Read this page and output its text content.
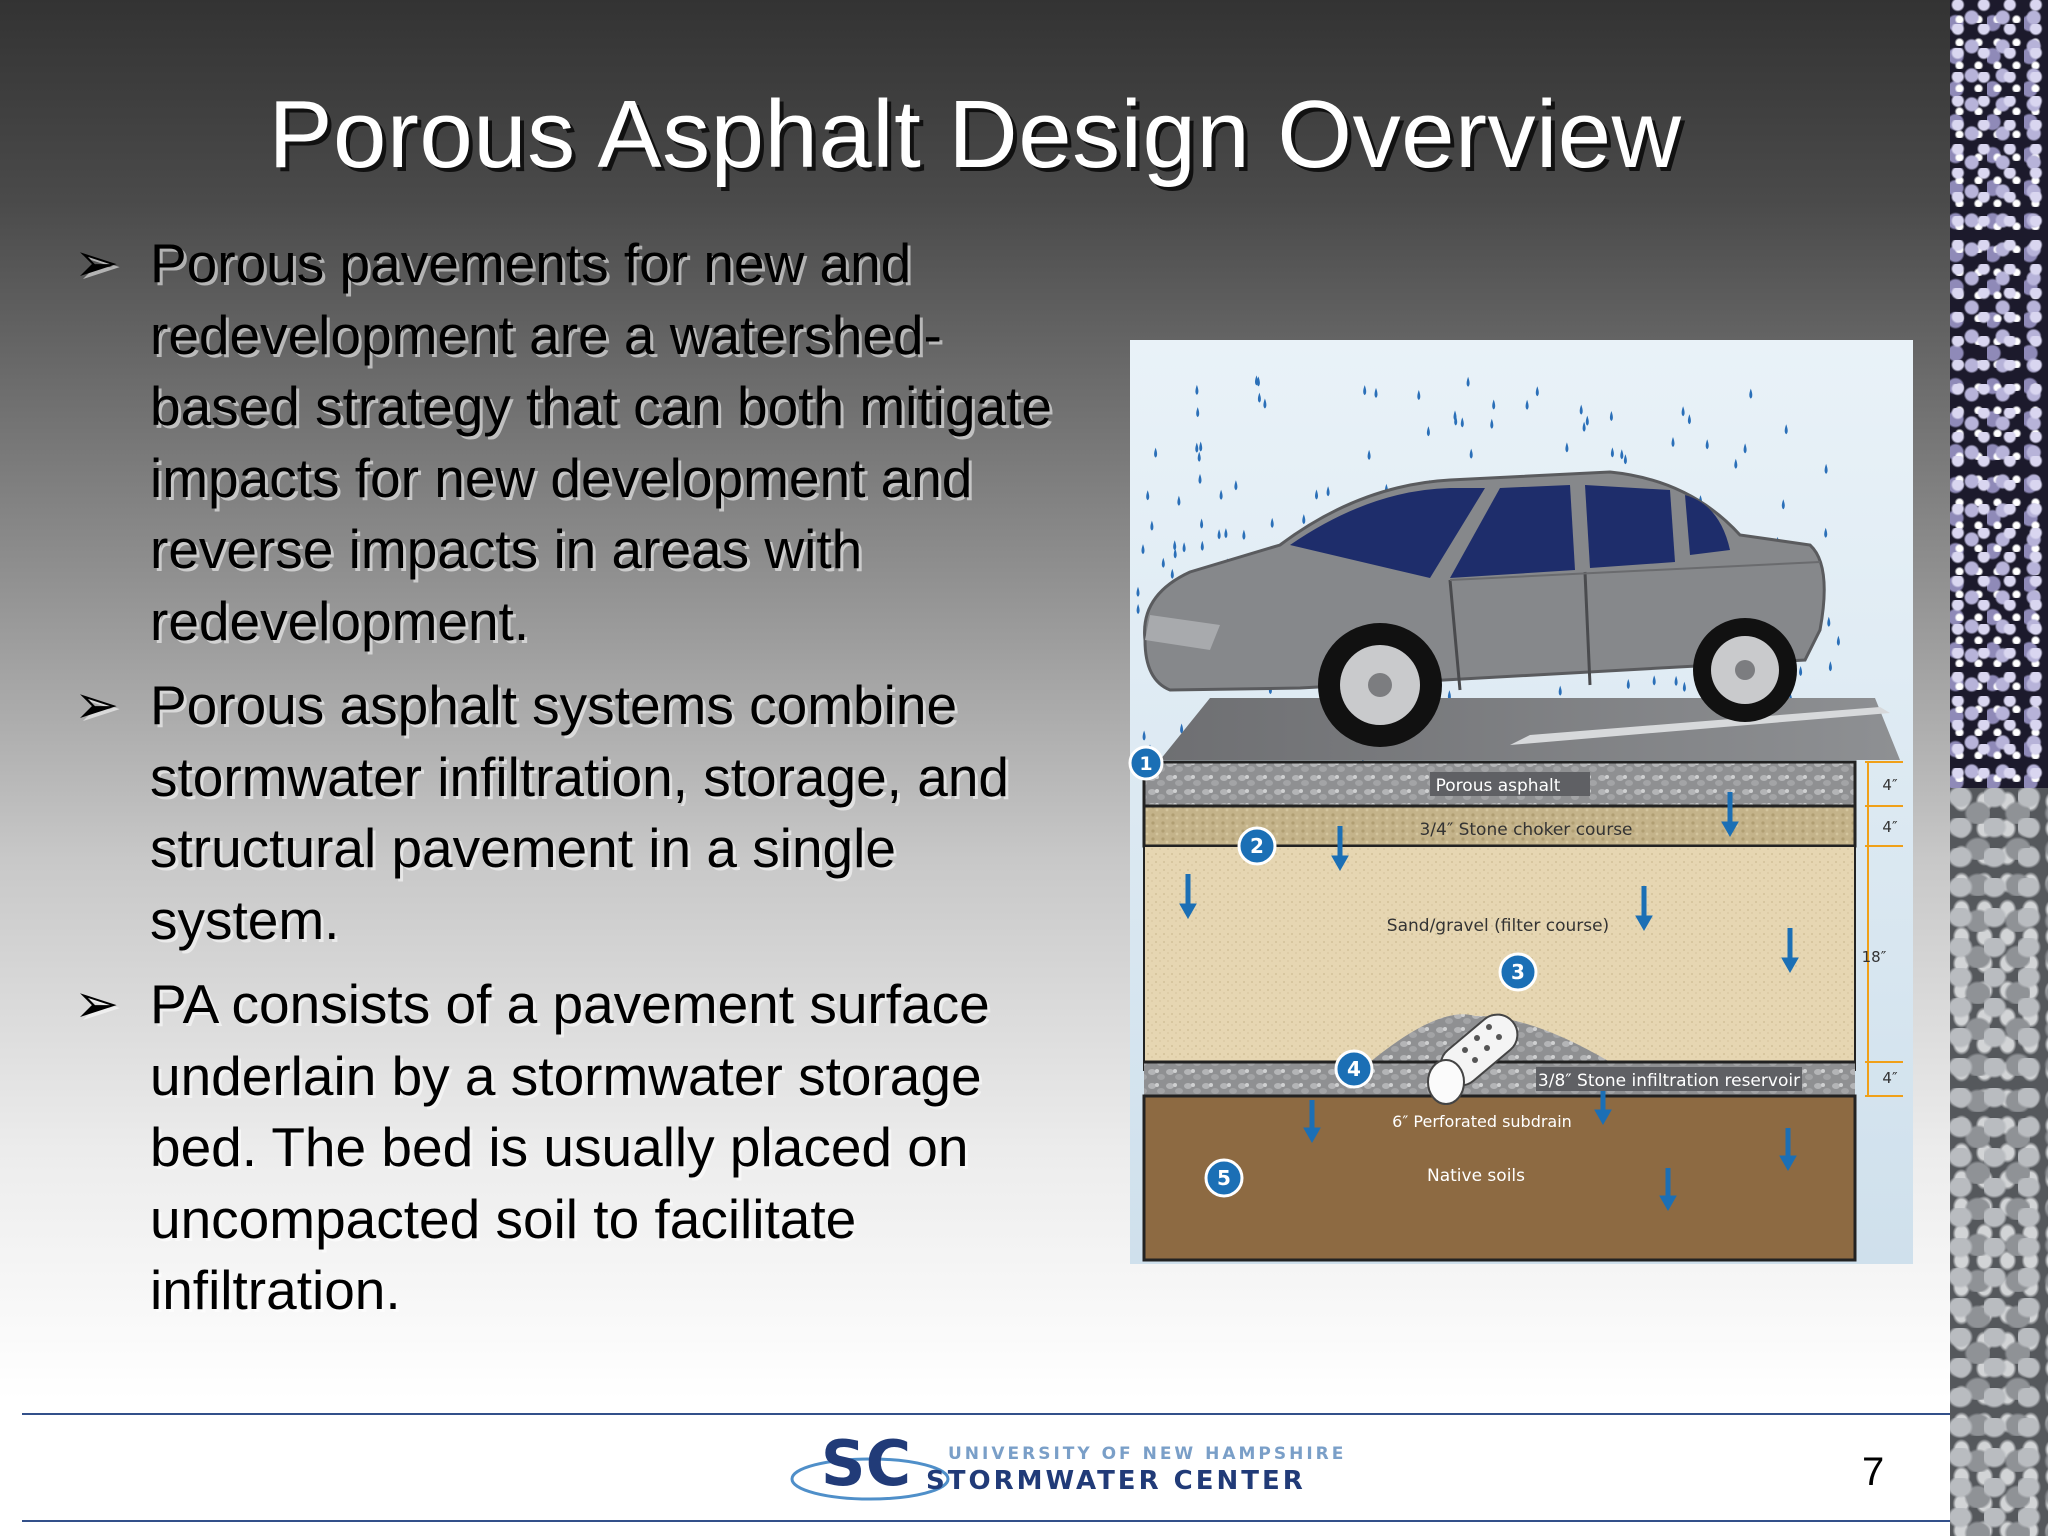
Porous Asphalt Design Overview
➢ Porous pavements for new and redevelopment are a watershed-based strategy that can both mitigate impacts for new development and reverse impacts in areas with redevelopment.
➢ Porous asphalt systems combine stormwater infiltration, storage, and structural pavement in a single system.
➢ PA consists of a pavement surface underlain by a stormwater storage bed. The bed is usually placed on uncompacted soil to facilitate infiltration.
Porous asphalt
3/4″ Stone choker course
Sand/gravel (filter course)
3/8″ Stone infiltration reservoir
6″ Perforated subdrain
Native soils
1
2
3
4
5
4″
4″
18″
4″
SC UNIVERSITY OF NEW HAMPSHIRE
STORMWATER CENTER	7
